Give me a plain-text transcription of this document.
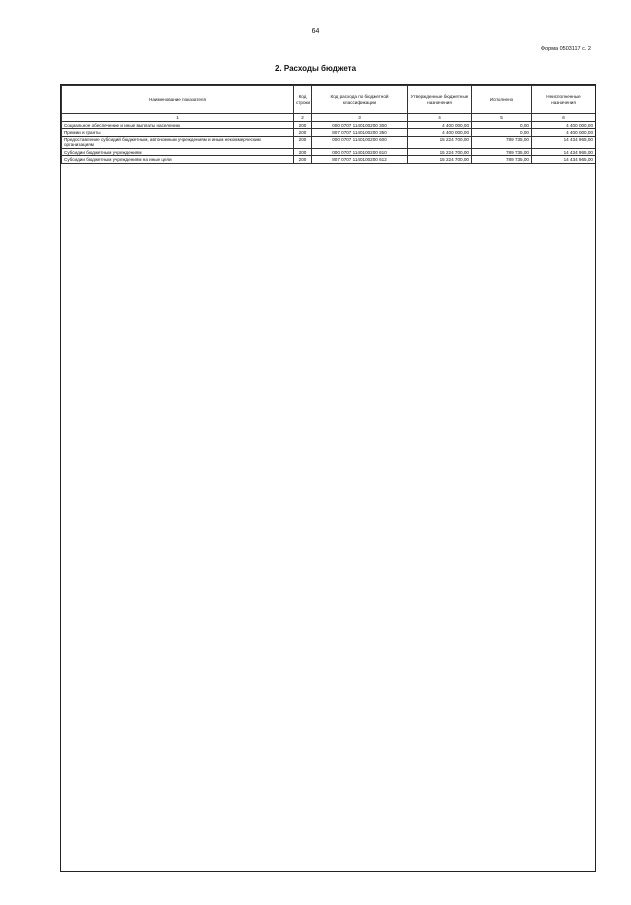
64
Форма 0503117 с. 2
2. Расходы бюджета
Наименование показателя	Код строки	Код расхода по бюджетной классификации	Утвержденные бюджетные назначения	Исполнено	Неисполненные назначения
1	2	3	4	5	6
Социальное обеспечение и иные выплаты населению	200	000 0707 1140100200 300	4 400 000,00	0,00	4 400 000,00
Премии и гранты	200	807 0707 1140100200 350	4 400 000,00	0,00	4 400 000,00
Предоставление субсидий бюджетным, автономным учреждениям и иным некоммерческим организациям	200	000 0707 1140100200 600	15 224 700,00	789 735,00	14 434 965,00
Субсидии бюджетным учреждениям	200	000 0707 1140100200 610	15 224 700,00	789 735,00	14 434 965,00
Субсидии бюджетным учреждениям на иные цели	200	807 0707 1140100200 612	15 224 700,00	789 735,00	14 434 965,00
